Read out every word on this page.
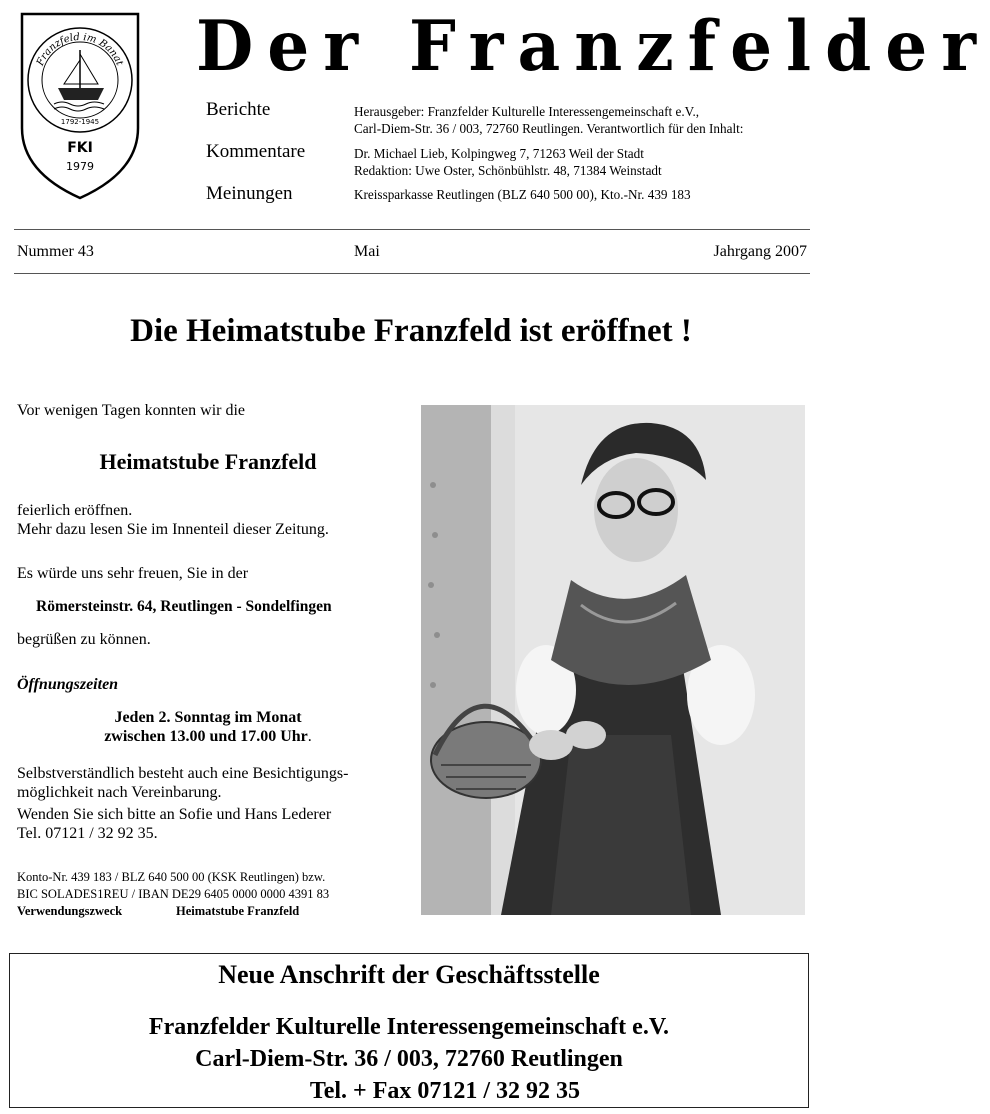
Franzfeld im Banat
1792-1945
FKI
1979
Der Franzfelder
Berichte
Kommentare
Meinungen
Herausgeber: Franzfelder Kulturelle Interessengemeinschaft e.V.,
Carl-Diem-Str. 36 / 003, 72760 Reutlingen. Verantwortlich für den Inhalt:
Dr. Michael Lieb, Kolpingweg 7, 71263 Weil der Stadt
Redaktion: Uwe Oster, Schönbühlstr. 48, 71384 Weinstadt
Kreissparkasse Reutlingen (BLZ 640 500 00), Kto.-Nr. 439 183
Nummer 43	Mai	Jahrgang 2007
Die Heimatstube Franzfeld ist eröffnet !
Vor wenigen Tagen konnten wir die
Heimatstube Franzfeld
feierlich eröffnen.
Mehr dazu lesen Sie im Innenteil dieser Zeitung.
Es würde uns sehr freuen, Sie in der
Römersteinstr. 64, Reutlingen - Sondelfingen
begrüßen zu können.
Öffnungszeiten
Jeden 2. Sonntag im Monat
zwischen 13.00 und 17.00 Uhr.
Selbstverständlich besteht auch eine Besichtigungs-
möglichkeit nach Vereinbarung.
Wenden Sie sich bitte an Sofie und Hans Lederer
Tel. 07121 / 32 92 35.
Konto-Nr. 439 183 / BLZ 640 500 00 (KSK Reutlingen) bzw.
BIC SOLADES1REU / IBAN DE29 6405 0000 0000 4391 83
Verwendungszweck	Heimatstube Franzfeld
Neue Anschrift der Geschäftsstelle
Franzfelder Kulturelle Interessengemeinschaft e.V.
Carl-Diem-Str. 36 / 003, 72760 Reutlingen
Tel. + Fax 07121 / 32 92 35
